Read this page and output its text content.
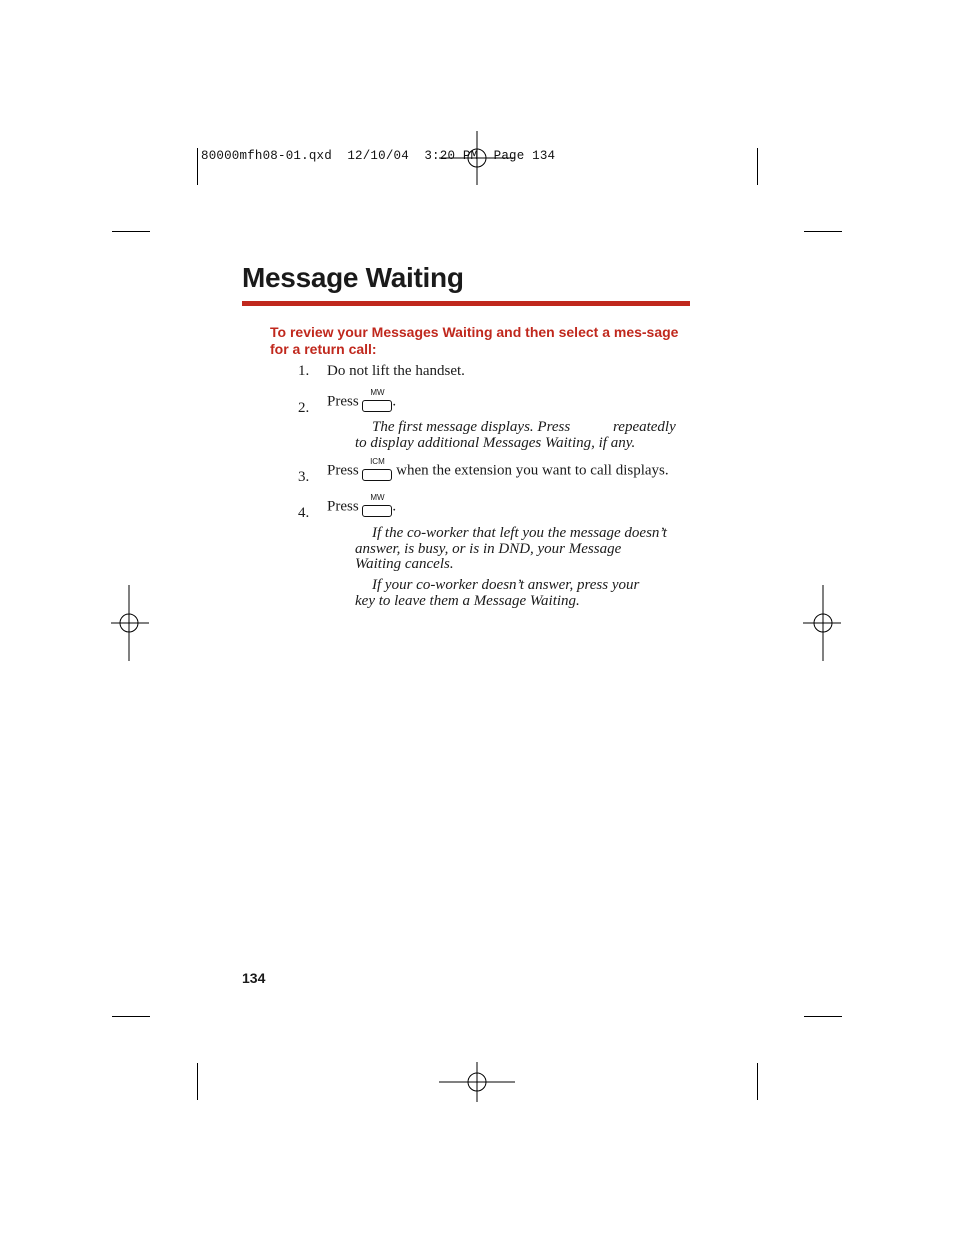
80000mfh08-01.qxd  12/10/04  3:20 PM  Page 134
Message Waiting
To review your Messages Waiting and then select a mes-sage for a return call:
1. Do not lift the handset.
2. Press
MW
.
The first message displays. Press	repeatedly
to display additional Messages Waiting, if any.
3. Press
ICM
when the extension you want to call displays.
4. Press
MW
.
If the co-worker that left you the message doesn’t
answer, is busy, or is in DND, your Message
Waiting cancels.
If your co-worker doesn’t answer, press your
key to leave them a Message Waiting.
134
